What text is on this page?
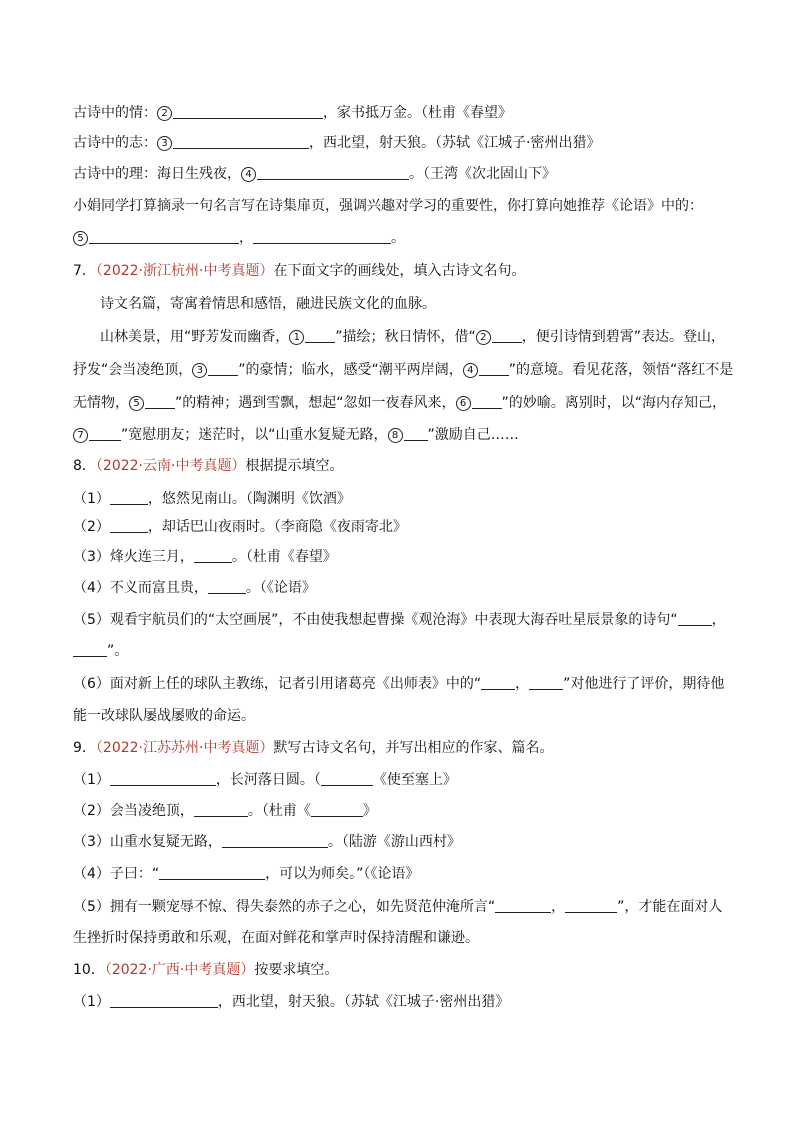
古诗中的情： 2	，家书抵万金。（杜甫《春望》
古诗中的志： 3	，西北望，射天狼。（苏轼《江城子·密州出猎》
古诗中的理：海日生残夜， 4	。（王湾《次北固山下》
小娟同学打算摘录一句名言写在诗集扉页，强调兴趣对学习的重要性，你打算向她推荐《论语》中的：
5	，	。
7．（2022·浙江杭州·中考真题）在下面文字的画线处，填入古诗文名句。
诗文名篇，寄寓着情思和感悟，融进民族文化的血脉。
山林美景，用“野芳发而幽香， 1	”描绘；秋日情怀，借“ 2	，便引诗情到碧霄”表达。登山，
抒发“会当凌绝顶， 3	”的豪情；临水，感受“潮平两岸阔， 4	”的意境。看见花落，领悟“落红不是
无情物， 5	”的精神；遇到雪飘，想起“忽如一夜春风来， 6	”的妙喻。离别时，以“海内存知己，
7	”宽慰朋友；迷茫时，以“山重水复疑无路， 8 ”激励自己……
8．（2022·云南·中考真题）根据提示填空。
（1）	，悠然见南山。（陶渊明《饮酒》
（2）	，却话巴山夜雨时。（李商隐《夜雨寄北》
（3）烽火连三月，	。（杜甫《春望》
（4）不义而富且贵，	。（《论语》
（5）观看宇航员们的“太空画展”，不由使我想起曹操《观沧海》中表现大海吞吐星辰景象的诗句“ ，
”。
（6）面对新上任的球队主教练，记者引用诸葛亮《出师表》中的“ ， ”对他进行了评价，期待他
能一改球队屡战屡败的命运。
9．（2022·江苏苏州·中考真题）默写古诗文名句，并写出相应的作家、篇名。
（1）	，长河落日圆。（	《使至塞上》
（2）会当凌绝顶，	。（杜甫《	》
（3）山重水复疑无路，	。（陆游《游山西村》
（4）子曰：“	，可以为师矣。”（《论语》
（5）拥有一颗宠辱不惊、得失泰然的赤子之心，如先贤范仲淹所言“	，	”，才能在面对人
生挫折时保持勇敢和乐观，在面对鲜花和掌声时保持清醒和谦逊。
10．（2022·广西·中考真题）按要求填空。
（1）	，西北望，射天狼。（苏轼《江城子·密州出猎》
